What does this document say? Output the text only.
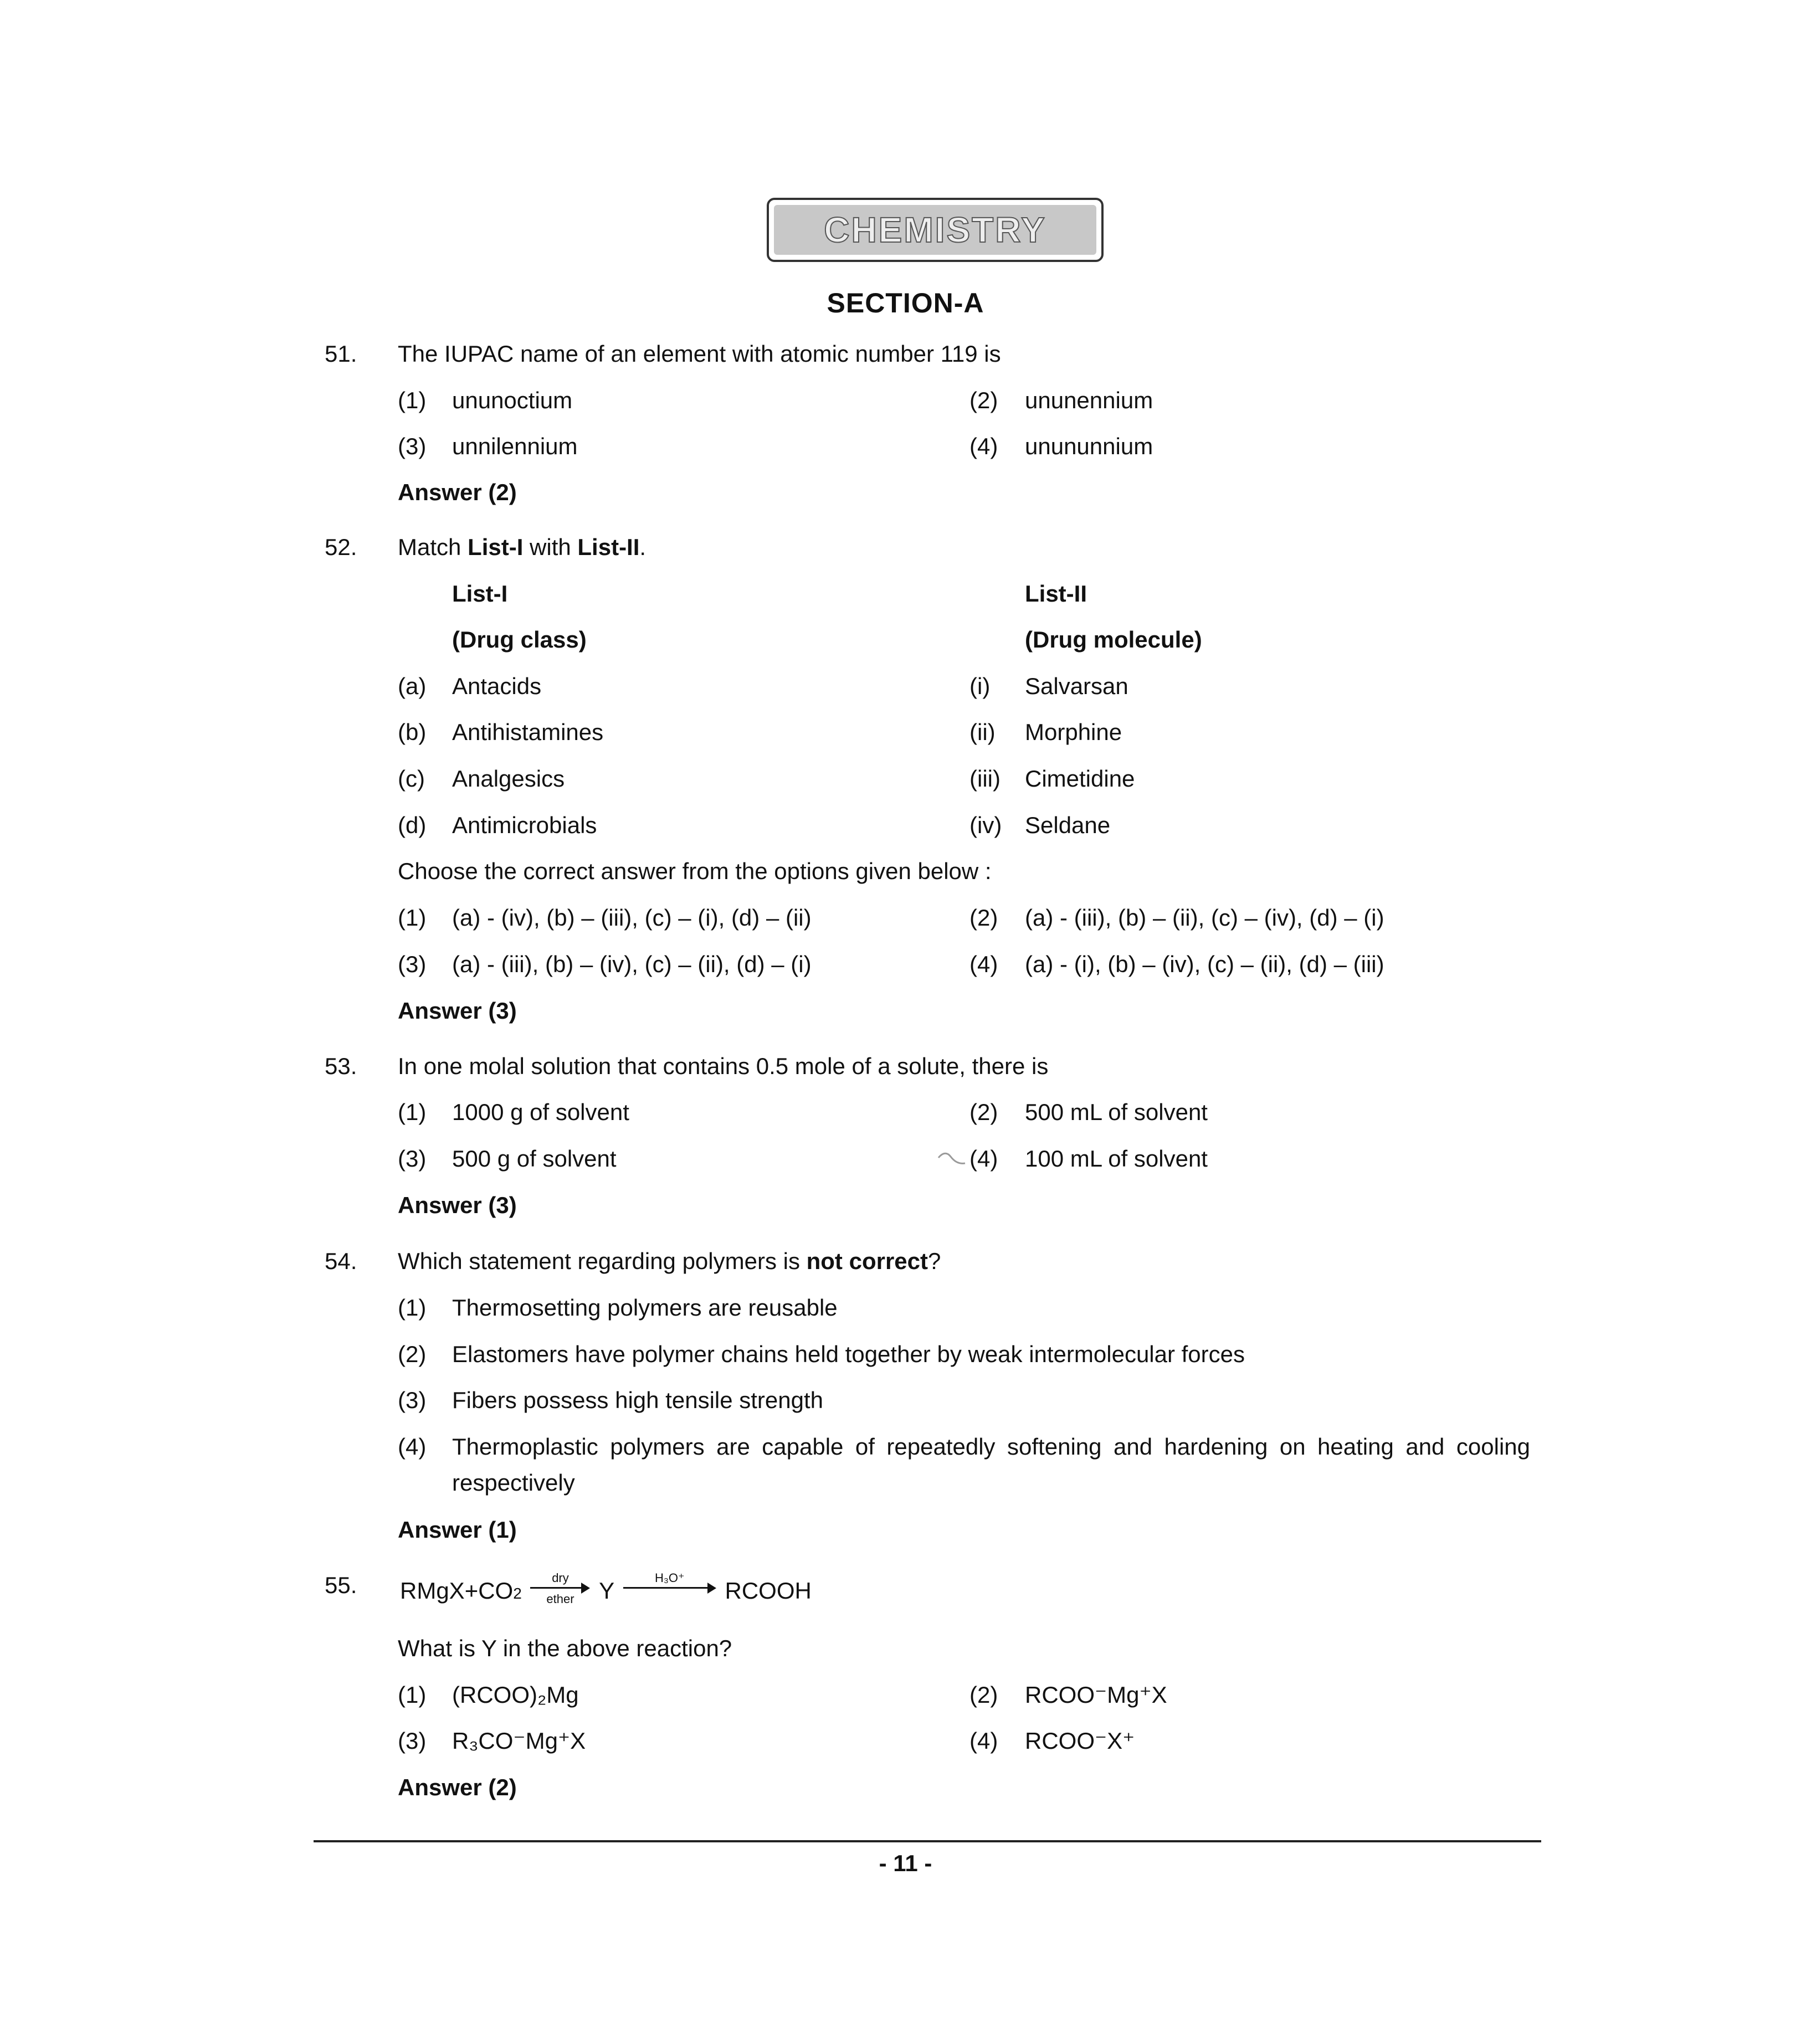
CHEMISTRY
SECTION-A
51. The IUPAC name of an element with atomic number 119 is
(1) ununoctium	(2) ununennium
(3) unnilennium	(4) unununnium
Answer (2)
52. Match List-I with List-II.
List-I	List-II
(Drug class)	(Drug molecule)
(a) Antacids	(i) Salvarsan
(b) Antihistamines	(ii) Morphine
(c) Analgesics	(iii) Cimetidine
(d) Antimicrobials	(iv) Seldane
Choose the correct answer from the options given below :
(1) (a) - (iv), (b) – (iii), (c) – (i), (d) – (ii)	(2) (a) - (iii), (b) – (ii), (c) – (iv), (d) – (i)
(3) (a) - (iii), (b) – (iv), (c) – (ii), (d) – (i)	(4) (a) - (i), (b) – (iv), (c) – (ii), (d) – (iii)
Answer (3)
53. In one molal solution that contains 0.5 mole of a solute, there is
(1) 1000 g of solvent	(2) 500 mL of solvent
(3) 500 g of solvent	(4) 100 mL of solvent
Answer (3)
54. Which statement regarding polymers is not correct?
(1) Thermosetting polymers are reusable
(2) Elastomers have polymer chains held together by weak intermolecular forces
(3) Fibers possess high tensile strength
(4) Thermoplastic polymers are capable of repeatedly softening and hardening on heating and cooling
respectively
Answer (1)
55. RMgX+CO2
dry
ether	Y	H₃O⁺	RCOOH
What is Y in the above reaction?
(1) (RCOO)₂Mg	(2) RCOO⁻Mg⁺X
(3) R₃CO⁻Mg⁺X	(4) RCOO⁻X⁺
Answer (2)
- 11 -
